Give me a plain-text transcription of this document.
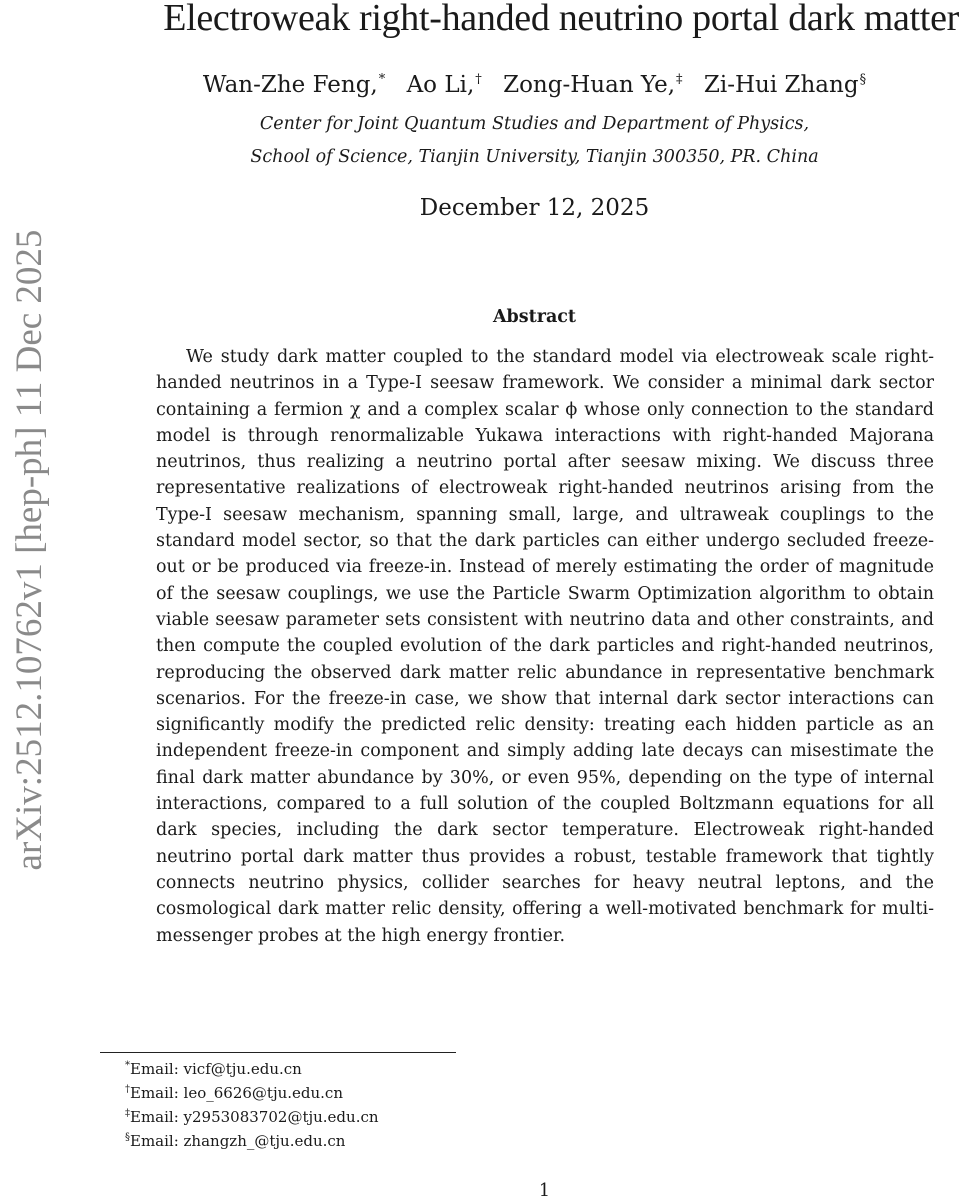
Electroweak right-handed neutrino portal dark matter
Wan-Zhe Feng,* Ao Li,† Zong-Huan Ye,‡ Zi-Hui Zhang§
Center for Joint Quantum Studies and Department of Physics,
School of Science, Tianjin University, Tianjin 300350, PR. China
December 12, 2025
Abstract

We study dark matter coupled to the standard model via electroweak scale right-handed neutrinos in a Type-I seesaw framework. We consider a minimal dark sector containing a fermion χ and a complex scalar ϕ whose only connection to the standard model is through renormalizable Yukawa interactions with right-handed Majorana neutrinos, thus realizing a neutrino portal after seesaw mixing. We discuss three representative realizations of electroweak right-handed neutrinos arising from the Type-I seesaw mechanism, spanning small, large, and ultraweak couplings to the standard model sector, so that the dark particles can either undergo secluded freeze-out or be produced via freeze-in. Instead of merely estimating the order of magnitude of the seesaw couplings, we use the Particle Swarm Optimization algorithm to obtain viable seesaw parameter sets consistent with neutrino data and other constraints, and then compute the coupled evolution of the dark particles and right-handed neutrinos, reproducing the observed dark matter relic abundance in representative benchmark scenarios. For the freeze-in case, we show that internal dark sector interactions can significantly modify the predicted relic density: treating each hidden particle as an independent freeze-in component and simply adding late decays can misestimate the final dark matter abundance by 30%, or even 95%, depending on the type of internal interactions, compared to a full solution of the coupled Boltzmann equations for all dark species, including the dark sector temperature. Electroweak right-handed neutrino portal dark matter thus provides a robust, testable framework that tightly connects neutrino physics, collider searches for heavy neutral leptons, and the cosmological dark matter relic density, offering a well-motivated benchmark for multi-messenger probes at the high energy frontier.

arXiv:2512.10762v1 [hep-ph] 11 Dec 2025
*Email: vicf@tju.edu.cn
†Email: leo_6626@tju.edu.cn
‡Email: y2953083702@tju.edu.cn
§Email: zhangzh_@tju.edu.cn
1
